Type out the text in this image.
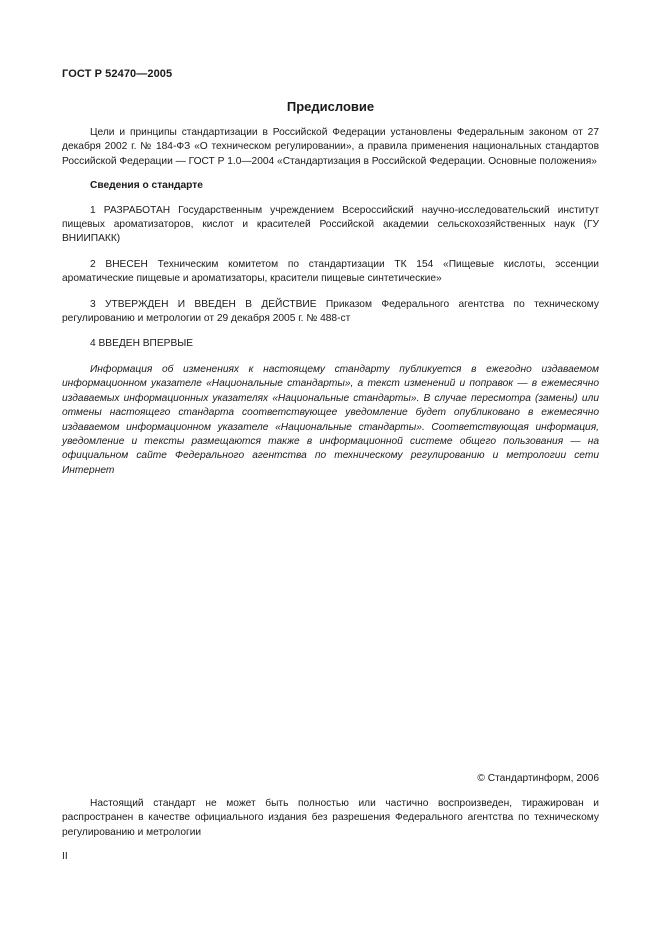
ГОСТ Р 52470—2005
Предисловие

Цели и принципы стандартизации в Российской Федерации установлены Федеральным законом от 27 декабря 2002 г. № 184-ФЗ «О техническом регулировании», а правила применения национальных стандартов Российской Федерации — ГОСТ Р 1.0—2004 «Стандартизация в Российской Федерации. Основные положения»

Сведения о стандарте

1 РАЗРАБОТАН Государственным учреждением Всероссийский научно-исследовательский институт пищевых ароматизаторов, кислот и красителей Российской академии сельскохозяйственных наук (ГУ ВНИИПАКК)

2 ВНЕСЕН Техническим комитетом по стандартизации ТК 154 «Пищевые кислоты, эссенции ароматические пищевые и ароматизаторы, красители пищевые синтетические»

3 УТВЕРЖДЕН И ВВЕДЕН В ДЕЙСТВИЕ Приказом Федерального агентства по техническому регулированию и метрологии от 29 декабря 2005 г. № 488-ст

4 ВВЕДЕН ВПЕРВЫЕ

Информация об изменениях к настоящему стандарту публикуется в ежегодно издаваемом информационном указателе «Национальные стандарты», а текст изменений и поправок — в ежемесячно издаваемых информационных указателях «Национальные стандарты». В случае пересмотра (замены) или отмены настоящего стандарта соответствующее уведомление будет опубликовано в ежемесячно издаваемом информационном указателе «Национальные стандарты». Соответствующая информация, уведомление и тексты размещаются также в информационной системе общего пользования — на официальном сайте Федерального агентства по техническому регулированию и метрологии сети Интернет

© Стандартинформ, 2006

Настоящий стандарт не может быть полностью или частично воспроизведен, тиражирован и распространен в качестве официального издания без разрешения Федерального агентства по техническому регулированию и метрологии

II
